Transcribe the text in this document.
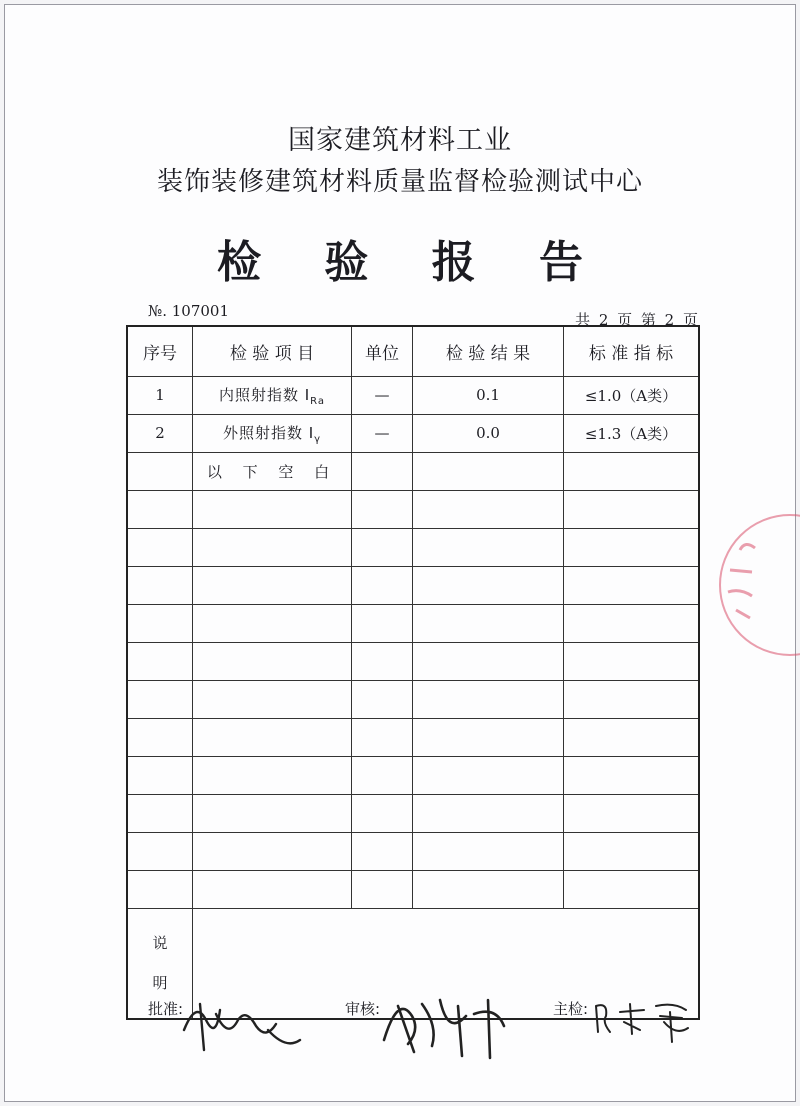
国家建筑材料工业
装饰装修建筑材料质量监督检验测试中心
检 验 报 告
№. 107001	共 2 页 第 2 页
序号	检 验 项 目	单位	检 验 结 果	标 准 指 标
1	内照射指数 $I_{Ra}$	—	0.1	≤1.0（A类）
2	外照射指数 $I_\gamma$	—	0.0	≤1.3（A类）
	以 下 空 白			

说
明				

批准:	审核:	主检:
